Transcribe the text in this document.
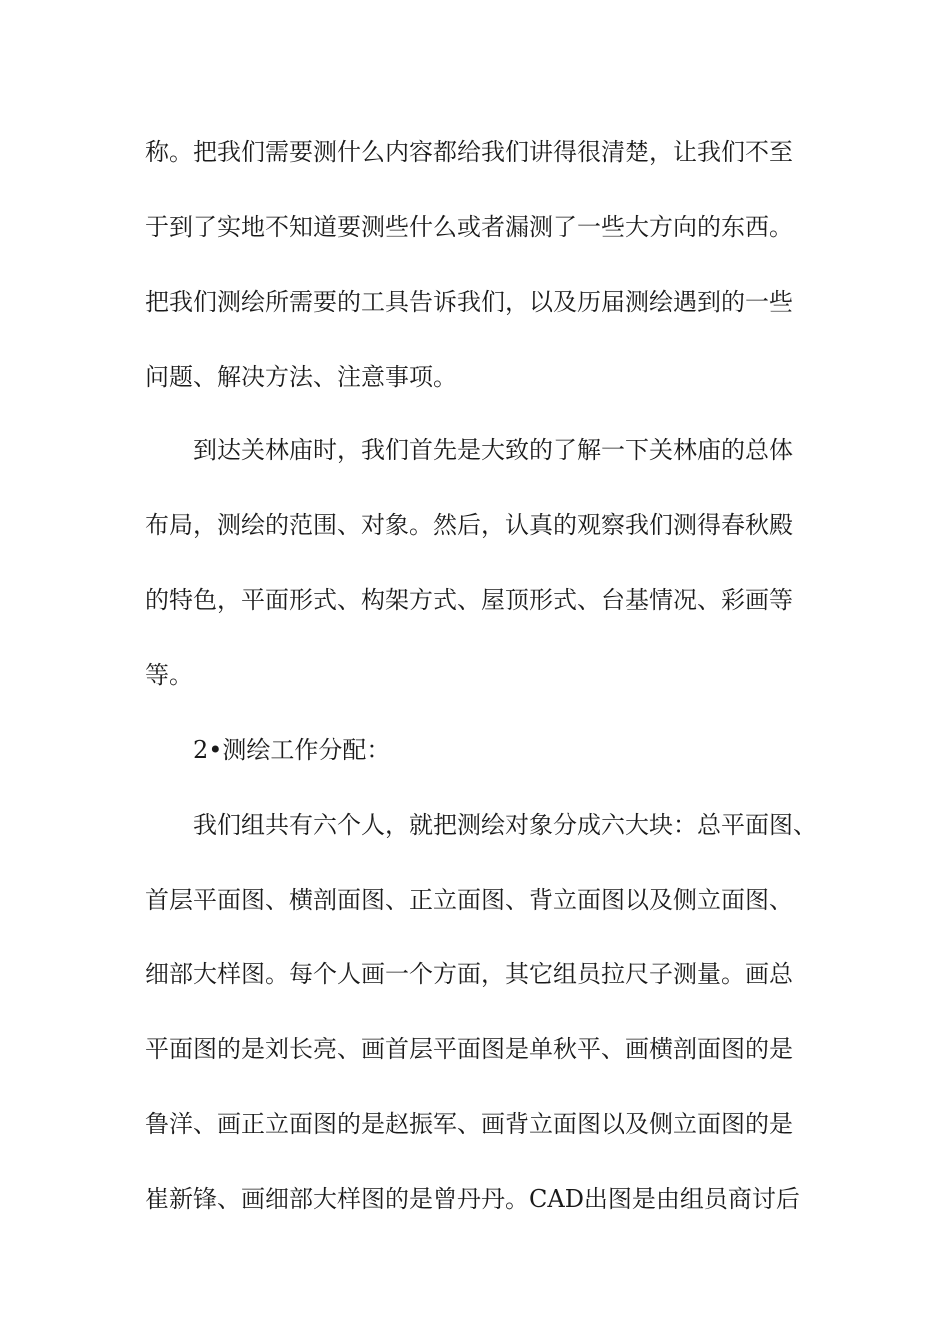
称。把我们需要测什么内容都给我们讲得很清楚，让我们不至

于到了实地不知道要测些什么或者漏测了一些大方向的东西。

把我们测绘所需要的工具告诉我们，以及历届测绘遇到的一些

问题、解决方法、注意事项。

到达关林庙时，我们首先是大致的了解一下关林庙的总体

布局，测绘的范围、对象。然后，认真的观察我们测得春秋殿

的特色，平面形式、构架方式、屋顶形式、台基情况、彩画等

等。

2•测绘工作分配：

我们组共有六个人，就把测绘对象分成六大块：总平面图、

首层平面图、横剖面图、正立面图、背立面图以及侧立面图、

细部大样图。每个人画一个方面，其它组员拉尺子测量。画总

平面图的是刘长亮、画首层平面图是单秋平、画横剖面图的是

鲁洋、画正立面图的是赵振军、画背立面图以及侧立面图的是

崔新锋、画细部大样图的是曾丹丹。CAD出图是由组员商讨后
